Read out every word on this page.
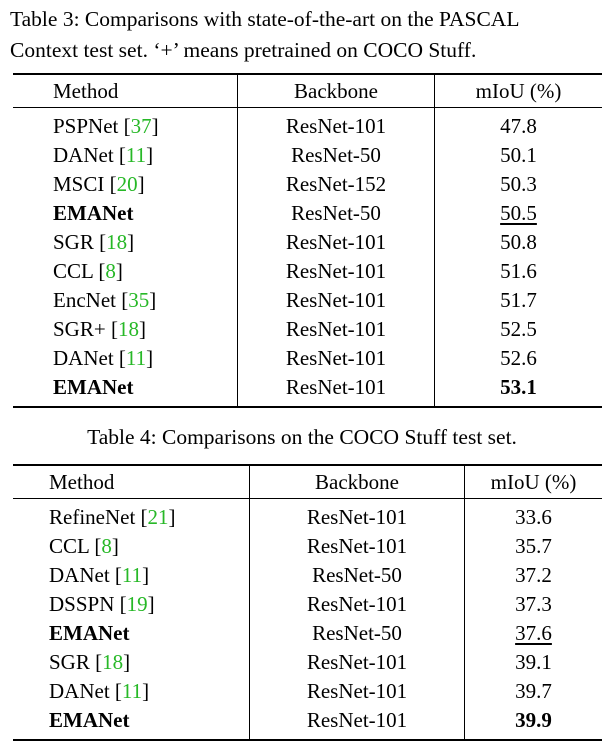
Table 3: Comparisons with state-of-the-art on the PASCAL
Context test set. ‘+’ means pretrained on COCO Stuff.
Method	Backbone	mIoU (%)
PSPNet [37]	ResNet-101	47.8
DANet [11]	ResNet-50	50.1
MSCI [20]	ResNet-152	50.3
EMANet	ResNet-50	50.5
SGR [18]	ResNet-101	50.8
CCL [8]	ResNet-101	51.6
EncNet [35]	ResNet-101	51.7
SGR+ [18]	ResNet-101	52.5
DANet [11]	ResNet-101	52.6
EMANet	ResNet-101	53.1
Table 4: Comparisons on the COCO Stuff test set.
Method	Backbone	mIoU (%)
RefineNet [21]	ResNet-101	33.6
CCL [8]	ResNet-101	35.7
DANet [11]	ResNet-50	37.2
DSSPN [19]	ResNet-101	37.3
EMANet	ResNet-50	37.6
SGR [18]	ResNet-101	39.1
DANet [11]	ResNet-101	39.7
EMANet	ResNet-101	39.9
